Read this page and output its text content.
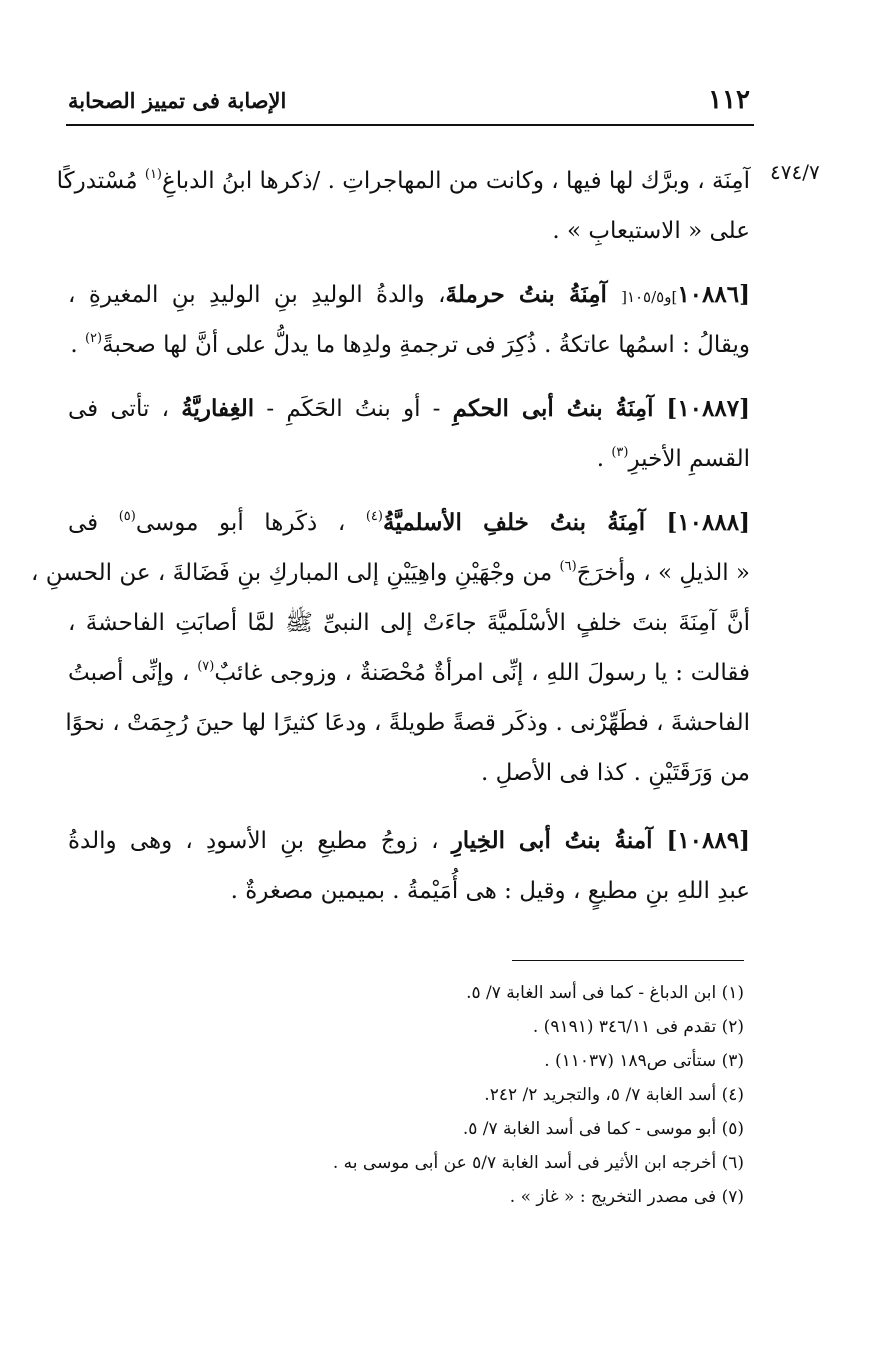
١١٢
الإصابة فى تمييز الصحابة
٤٧٤/٧
آمِنَة ، وبرَّك لها فيها ، وكانت من المهاجراتِ . /ذكرها ابنُ الدباغِ$^{(١)}$ مُسْتدركًا
على « الاستيعابِ » .
[١٠٨٨٦]و١٠٥/٥[ آمِنَةُ بنتُ حرملةَ، والدةُ الوليدِ بنِ الوليدِ بنِ المغيرةِ ،
ويقالُ : اسمُها عاتكةُ . ذُكِرَ فى ترجمةِ ولدِها ما يدلُّ على أنَّ لها صحبةً$^{(٢)}$ .
[١٠٨٨٧] آمِنَةُ بنتُ أبى الحكمِ - أو بنتُ الحَكَمِ - الغِفاريَّةُ ، تأتى فى
القسمِ الأخيرِ$^{(٣)}$ .
[١٠٨٨٨] آمِنَةُ بنتُ خلفِ الأسلميَّةُ$^{(٤)}$ ، ذكَرها أبو موسى$^{(٥)}$ فى
« الذيلِ » ، وأخرَجَ$^{(٦)}$ من وجْهَيْنِ واهِيَيْنِ إلى المباركِ بنِ فَضَالةَ ، عن الحسنِ ،
أنَّ آمِنَةَ بنتَ خلفٍ الأسْلَميَّةَ جاءَتْ إلى النبىِّ ﷺ لمَّا أصابَتِ الفاحشةَ ،
فقالت : يا رسولَ اللهِ ، إنِّى امرأةٌ مُحْصَنةٌ ، وزوجى غائبٌ$^{(٧)}$ ، وإنِّى أصبتُ
الفاحشةَ ، فطَهِّرْنى . وذكَر قصةً طويلةً ، ودعَا كثيرًا لها حينَ رُجِمَتْ ، نحوًا
من وَرَقَتَيْنِ . كذا فى الأصلِ .
[١٠٨٨٩] آمنةُ بنتُ أبى الخِيارِ ، زوجُ مطيعِ بنِ الأسودِ ، وهى والدةُ
عبدِ اللهِ بنِ مطيعٍ ، وقيل : هى أُمَيْمةُ . بميمين مصغرةٌ .
(١) ابن الدباغ - كما فى أسد الغابة ٧/ ٥.
(٢) تقدم فى ٣٤٦/١١ (٩١٩١) .
(٣) ستأتى ص١٨٩ (١١٠٣٧) .
(٤) أسد الغابة ٧/ ٥، والتجريد ٢/ ٢٤٢.
(٥) أبو موسى - كما فى أسد الغابة ٧/ ٥.
(٦) أخرجه ابن الأثير فى أسد الغابة ٥/٧ عن أبى موسى به .
(٧) فى مصدر التخريج : « غاز » .
